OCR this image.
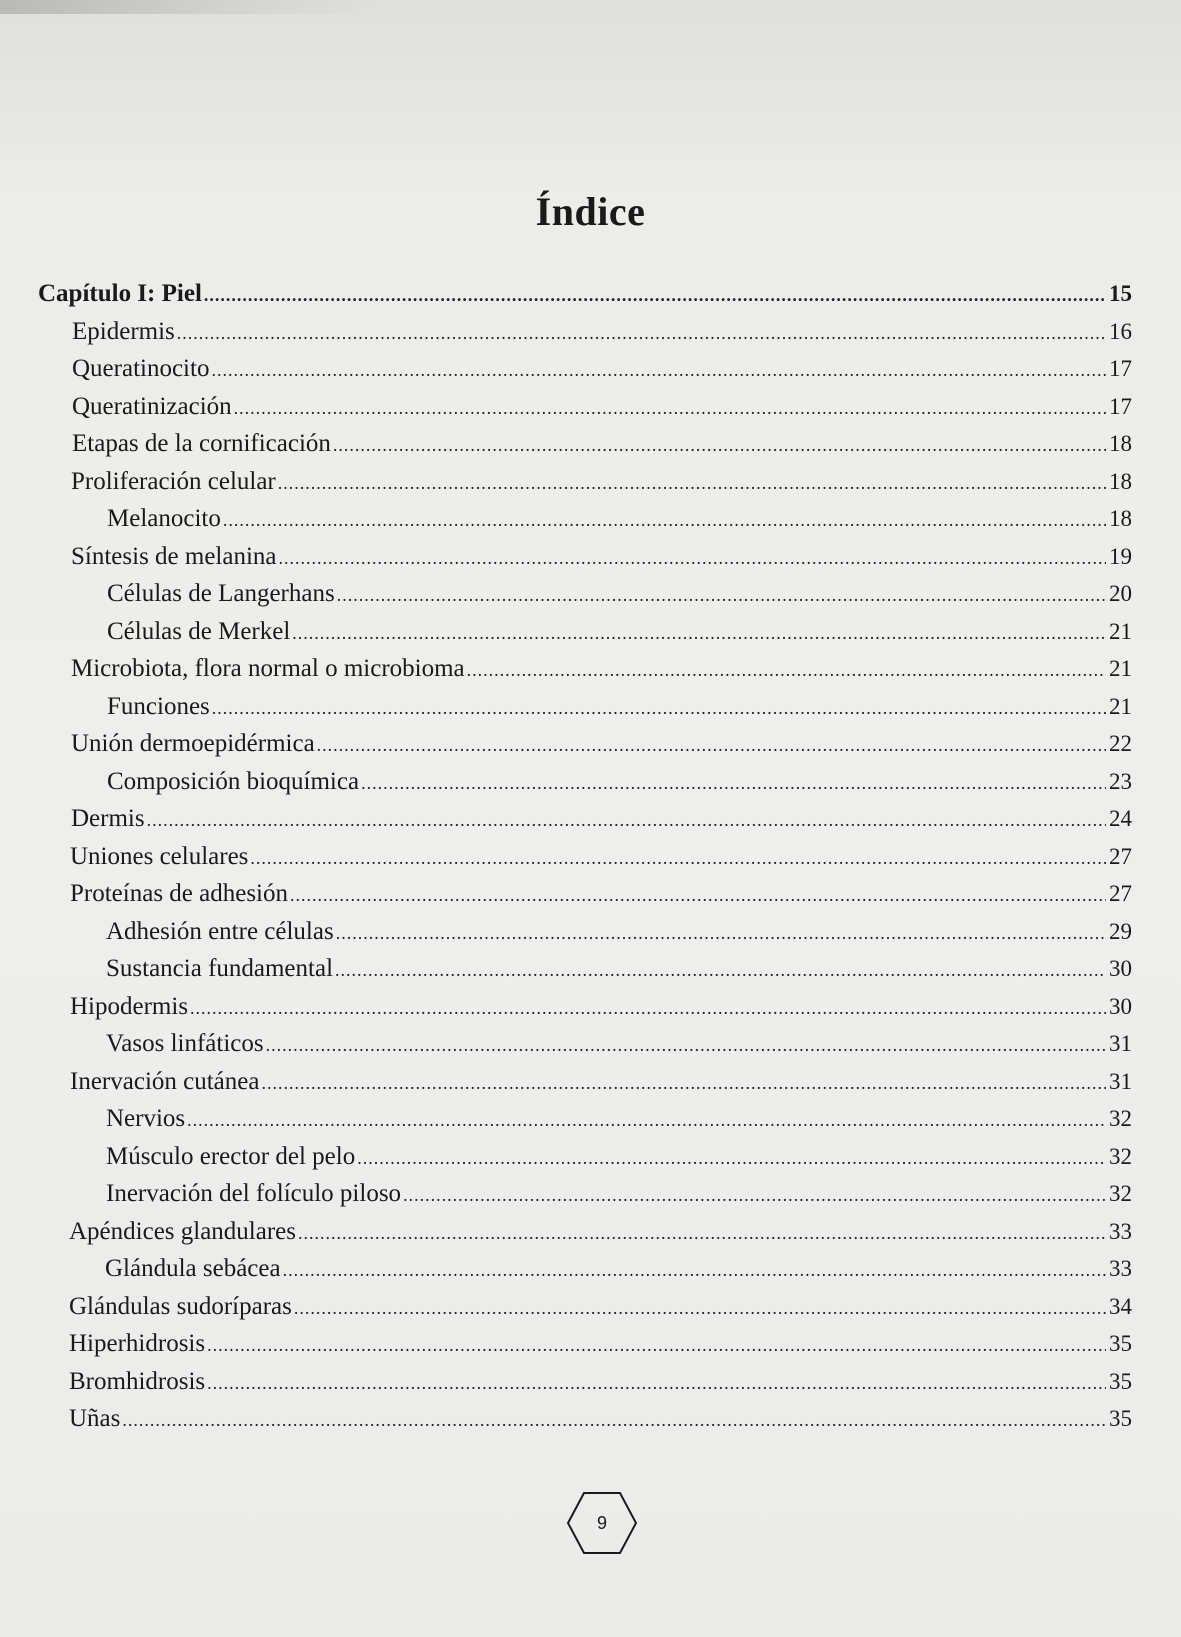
Índice
Capítulo I: Piel .....	15
Epidermis .....	16
Queratinocito .....	17
Queratinización .....	17
Etapas de la cornificación .....	18
Proliferación celular .....	18
Melanocito .....	18
Síntesis de melanina .....	19
Células de Langerhans .....	20
Células de Merkel .....	21
Microbiota, flora normal o microbioma .....	21
Funciones .....	21
Unión dermoepidérmica .....	22
Composición bioquímica .....	23
Dermis .....	24
Uniones celulares .....	27
Proteínas de adhesión .....	27
Adhesión entre células .....	29
Sustancia fundamental .....	30
Hipodermis .....	30
Vasos linfáticos .....	31
Inervación cutánea .....	31
Nervios .....	32
Músculo erector del pelo .....	32
Inervación del folículo piloso .....	32
Apéndices glandulares .....	33
Glándula sebácea .....	33
Glándulas sudoríparas .....	34
Hiperhidrosis .....	35
Bromhidrosis .....	35
Uñas .....	35
9
